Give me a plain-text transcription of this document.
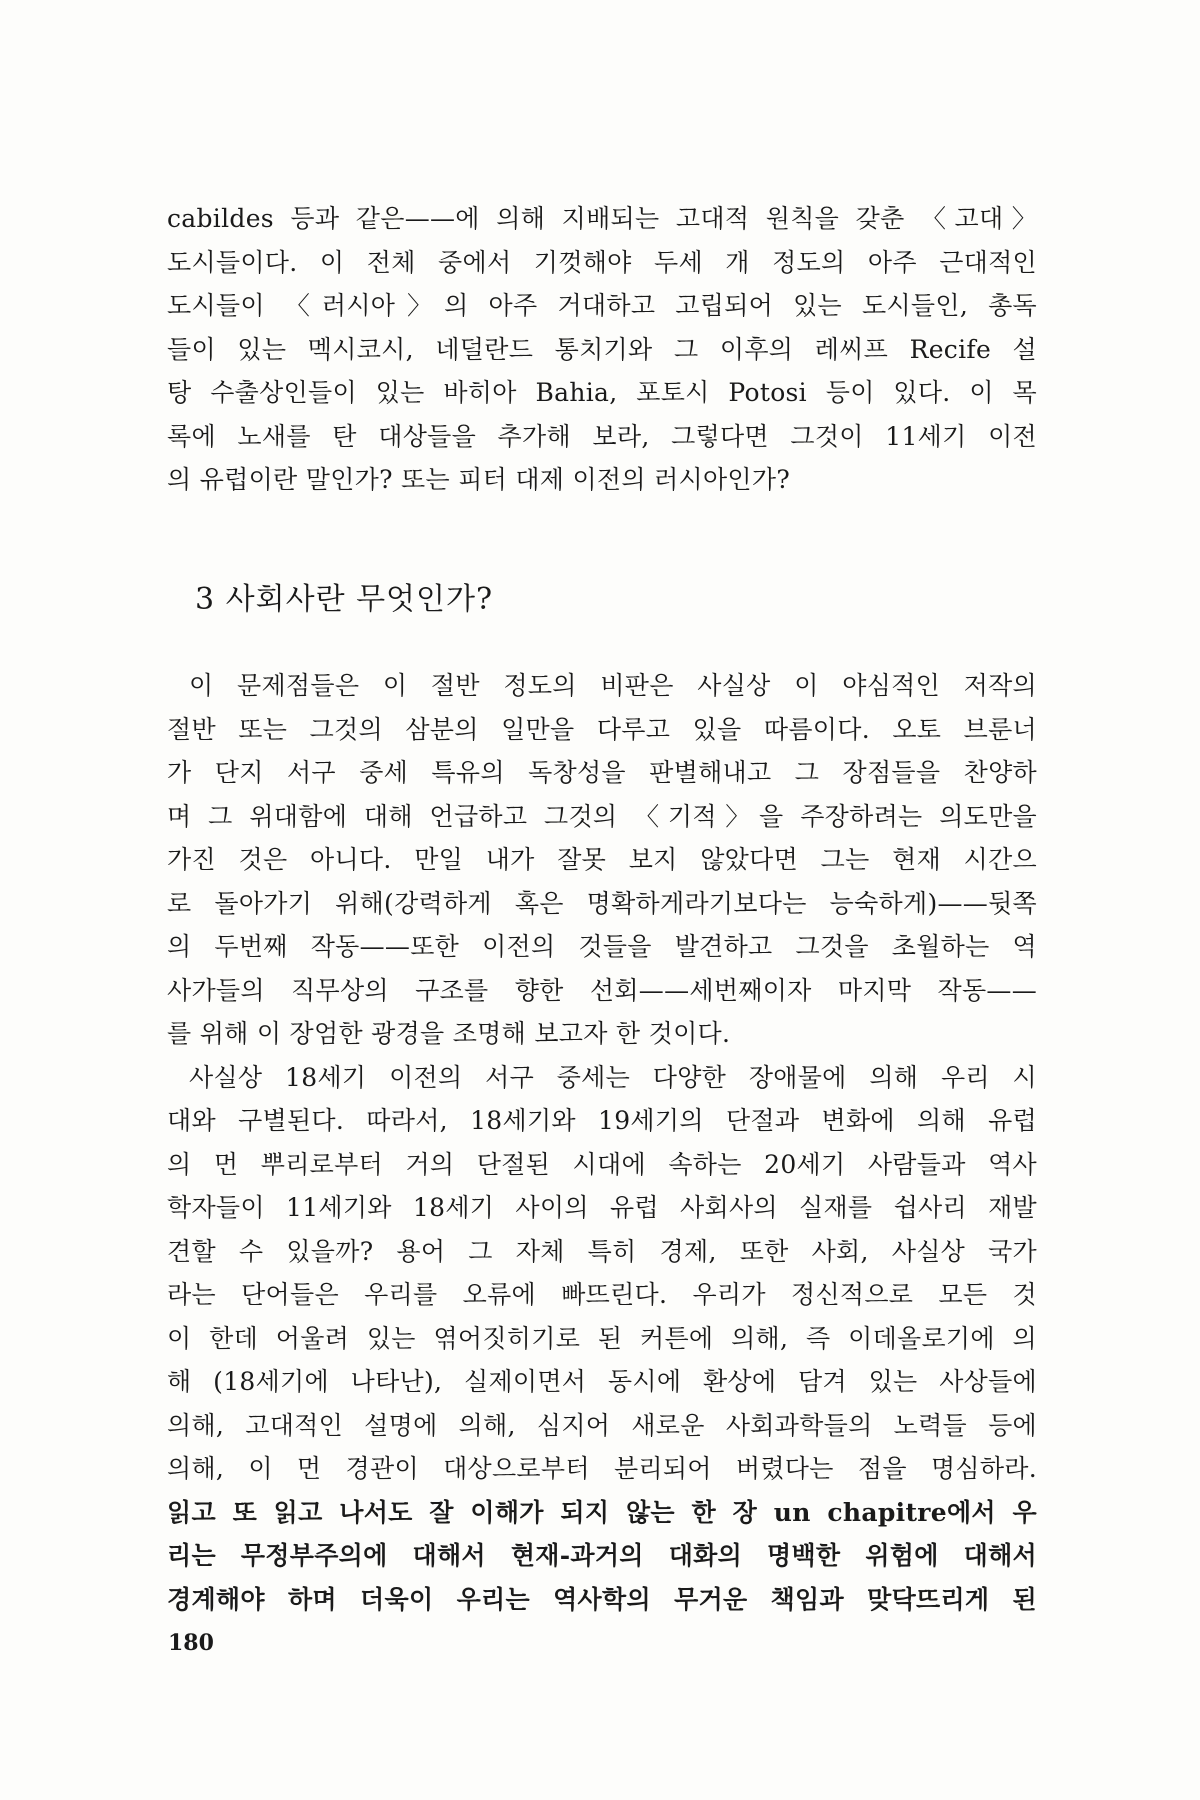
cabildes 등과 같은——에 의해 지배되는 고대적 원칙을 갖춘 〈고대〉
도시들이다. 이 전체 중에서 기껏해야 두세 개 정도의 아주 근대적인
도시들이 〈러시아〉의 아주 거대하고 고립되어 있는 도시들인, 총독
들이 있는 멕시코시, 네덜란드 통치기와 그 이후의 레씨프 Recife 설
탕 수출상인들이 있는 바히아 Bahia, 포토시 Potosi 등이 있다. 이 목
록에 노새를 탄 대상들을 추가해 보라, 그렇다면 그것이 11세기 이전
의 유럽이란 말인가? 또는 피터 대제 이전의 러시아인가?
3 사회사란 무엇인가?
이 문제점들은 이 절반 정도의 비판은 사실상 이 야심적인 저작의
절반 또는 그것의 삼분의 일만을 다루고 있을 따름이다. 오토 브룬너
가 단지 서구 중세 특유의 독창성을 판별해내고 그 장점들을 찬양하
며 그 위대함에 대해 언급하고 그것의 〈기적〉을 주장하려는 의도만을
가진 것은 아니다. 만일 내가 잘못 보지 않았다면 그는 현재 시간으
로 돌아가기 위해(강력하게 혹은 명확하게라기보다는 능숙하게)——뒷쪽
의 두번째 작동——또한 이전의 것들을 발견하고 그것을 초월하는 역
사가들의 직무상의 구조를 향한 선회——세번째이자 마지막 작동——
를 위해 이 장엄한 광경을 조명해 보고자 한 것이다.
사실상 18세기 이전의 서구 중세는 다양한 장애물에 의해 우리 시
대와 구별된다. 따라서, 18세기와 19세기의 단절과 변화에 의해 유럽
의 먼 뿌리로부터 거의 단절된 시대에 속하는 20세기 사람들과 역사
학자들이 11세기와 18세기 사이의 유럽 사회사의 실재를 쉽사리 재발
견할 수 있을까? 용어 그 자체 특히 경제, 또한 사회, 사실상 국가
라는 단어들은 우리를 오류에 빠뜨린다. 우리가 정신적으로 모든 것
이 한데 어울려 있는 엮어짓히기로 된 커튼에 의해, 즉 이데올로기에 의
해 (18세기에 나타난), 실제이면서 동시에 환상에 담겨 있는 사상들에
의해, 고대적인 설명에 의해, 심지어 새로운 사회과학들의 노력들 등에
의해, 이 먼 경관이 대상으로부터 분리되어 버렸다는 점을 명심하라.
읽고 또 읽고 나서도 잘 이해가 되지 않는 한 장 un chapitre에서 우
리는 무정부주의에 대해서 현재-과거의 대화의 명백한 위험에 대해서
경계해야 하며 더욱이 우리는 역사학의 무거운 책임과 맞닥뜨리게 된
180
